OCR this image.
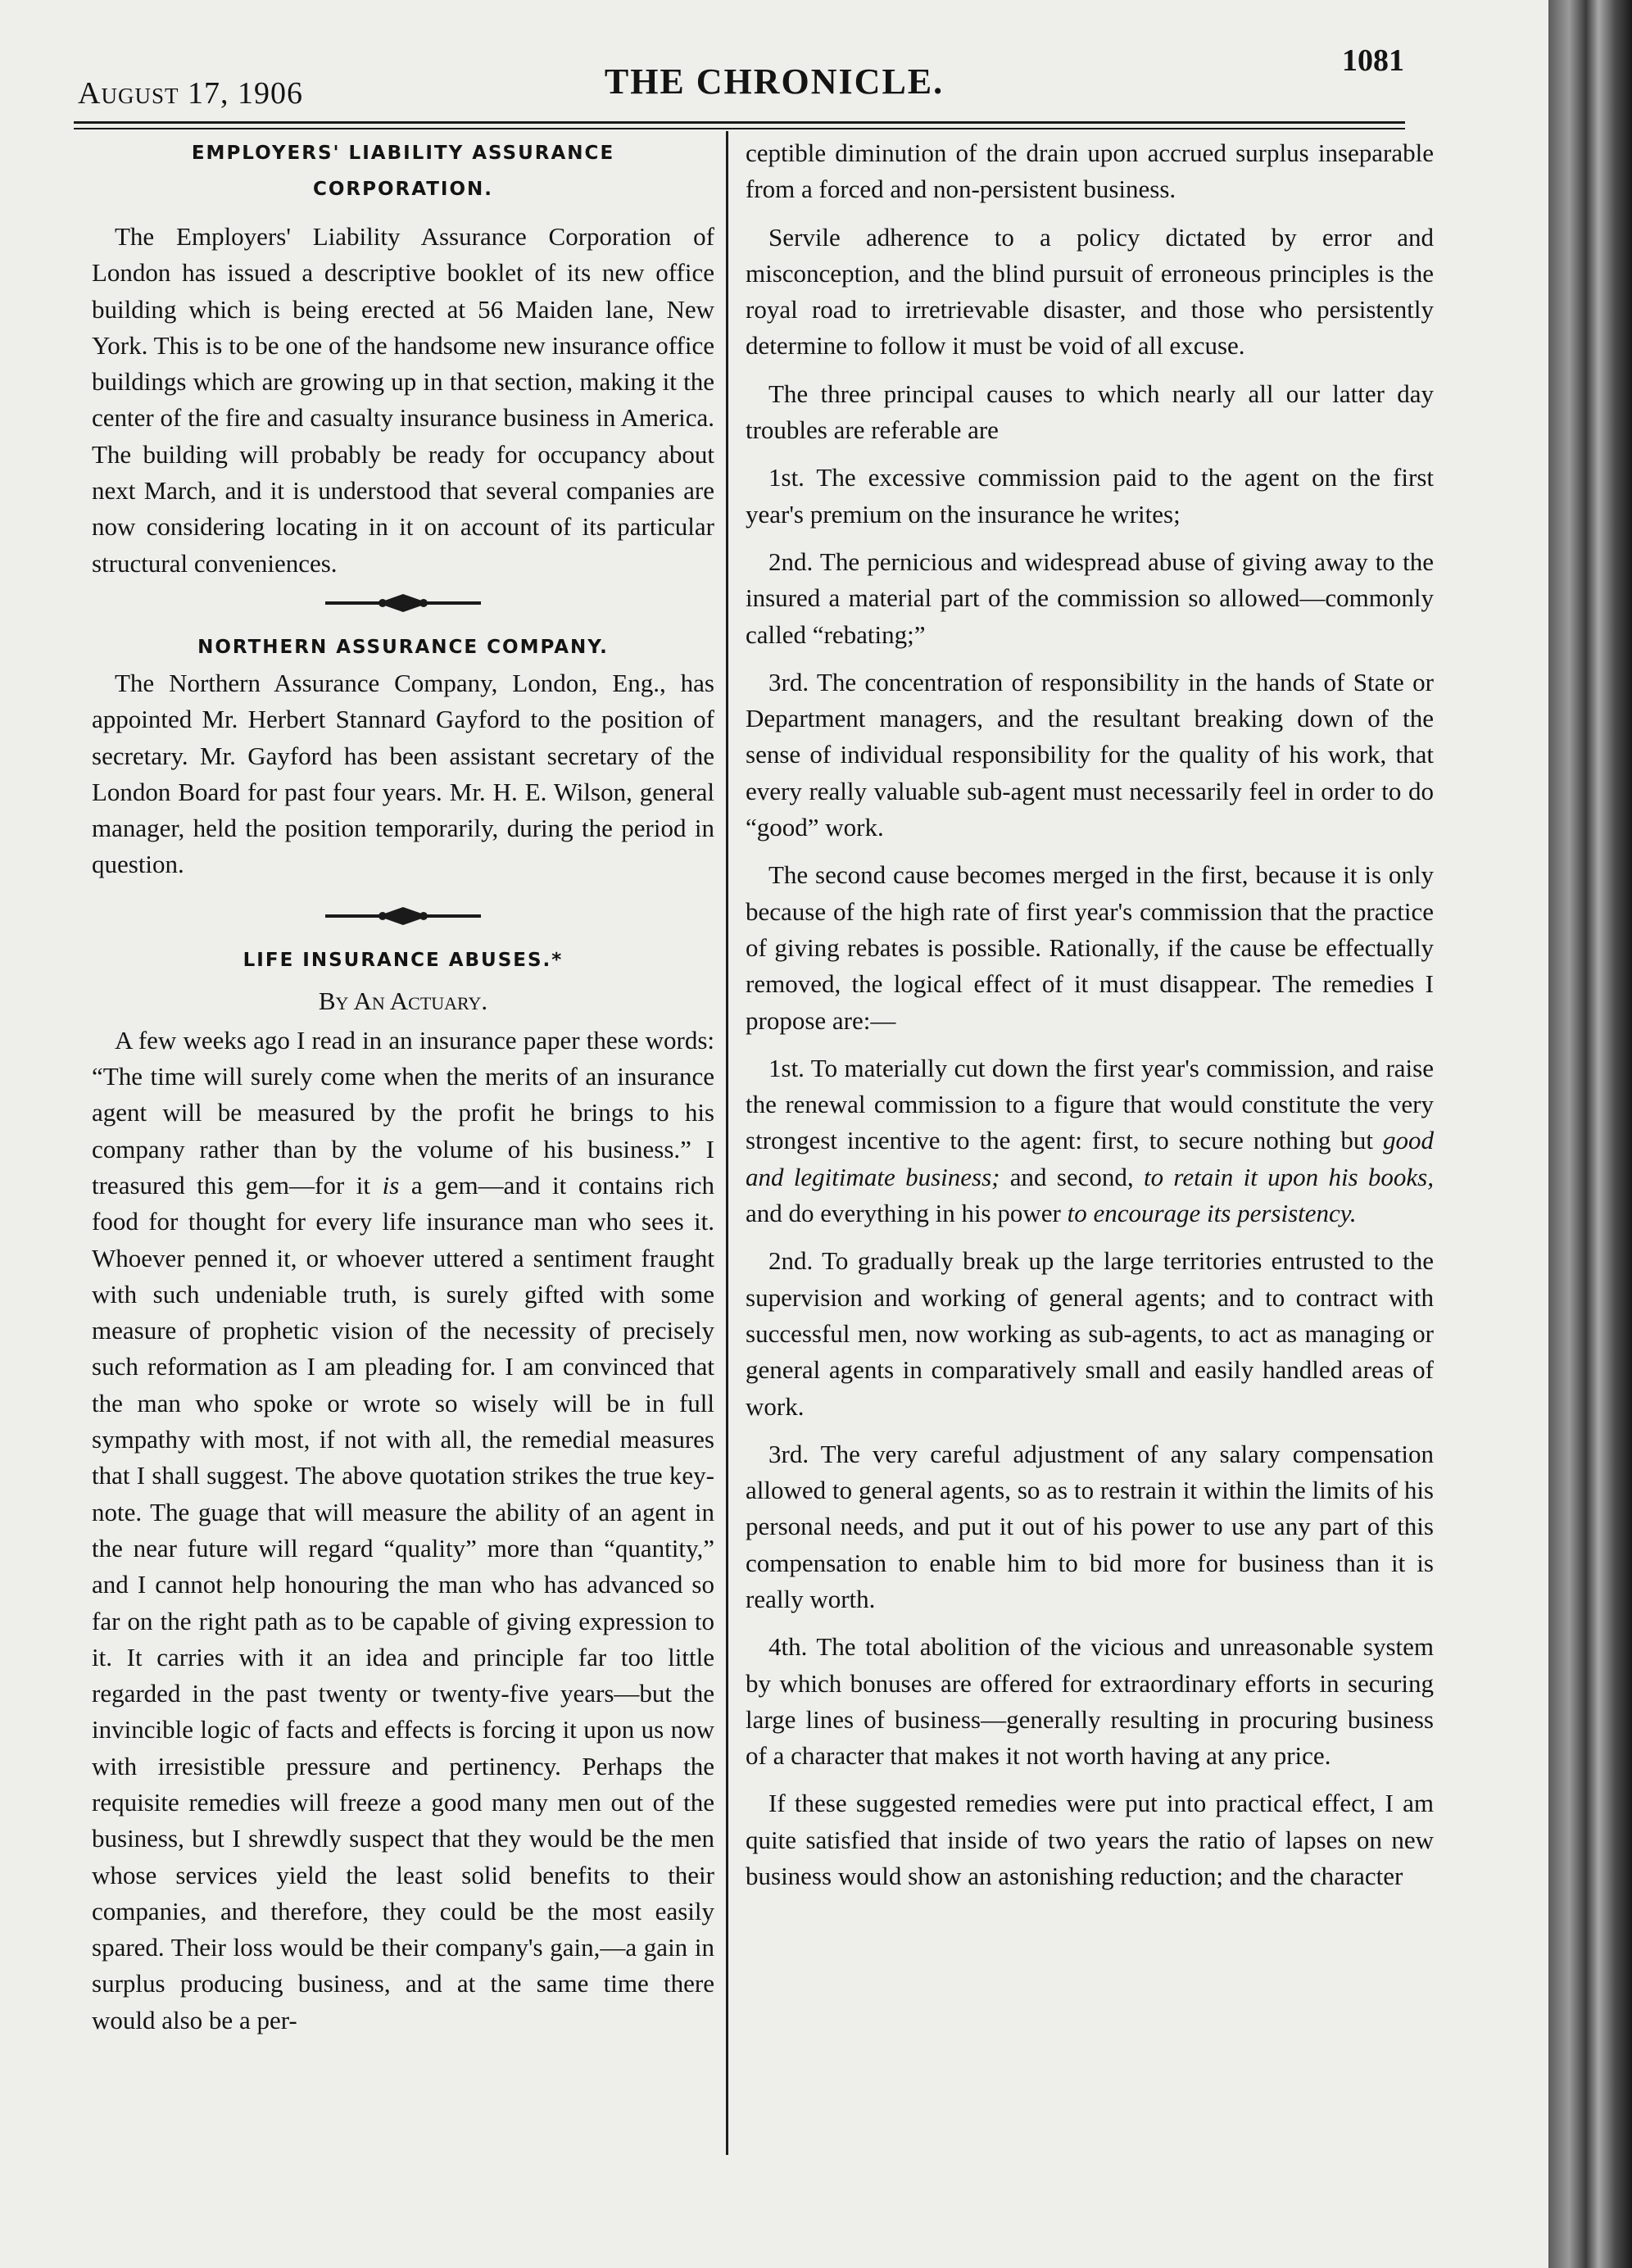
August 17, 1906	THE CHRONICLE.
1081
EMPLOYERS' LIABILITY ASSURANCE
CORPORATION.

The Employers' Liability Assurance Corporation of London has issued a descriptive booklet of its new office building which is being erected at 56 Maiden lane, New York. This is to be one of the handsome new insurance office buildings which are growing up in that section, making it the center of the fire and casualty insurance business in America. The building will probably be ready for occupancy about next March, and it is understood that several companies are now considering locating in it on account of its particular structural conveniences.

NORTHERN ASSURANCE COMPANY.

The Northern Assurance Company, London, Eng., has appointed Mr. Herbert Stannard Gayford to the position of secretary. Mr. Gayford has been assistant secretary of the London Board for past four years. Mr. H. E. Wilson, general manager, held the position temporarily, during the period in question.

LIFE INSURANCE ABUSES.*
By An Actuary.

A few weeks ago I read in an insurance paper these words: “The time will surely come when the merits of an insurance agent will be measured by the profit he brings to his company rather than by the volume of his business.” I treasured this gem—for it is a gem—and it contains rich food for thought for every life insurance man who sees it. Whoever penned it, or whoever uttered a sentiment fraught with such undeniable truth, is surely gifted with some measure of prophetic vision of the necessity of precisely such reformation as I am pleading for. I am convinced that the man who spoke or wrote so wisely will be in full sympathy with most, if not with all, the remedial measures that I shall suggest. The above quotation strikes the true key-note. The guage that will measure the ability of an agent in the near future will regard “quality” more than “quantity,” and I cannot help honouring the man who has advanced so far on the right path as to be capable of giving expression to it. It carries with it an idea and principle far too little regarded in the past twenty or twenty-five years—but the invincible logic of facts and effects is forcing it upon us now with irresistible pressure and pertinency. Perhaps the requisite remedies will freeze a good many men out of the business, but I shrewdly suspect that they would be the men whose services yield the least solid benefits to their companies, and therefore, they could be the most easily spared. Their loss would be their company's gain,—a gain in surplus producing business, and at the same time there would also be a per-

ceptible diminution of the drain upon accrued surplus inseparable from a forced and non-persistent business.

Servile adherence to a policy dictated by error and misconception, and the blind pursuit of erroneous principles is the royal road to irretrievable disaster, and those who persistently determine to follow it must be void of all excuse.

The three principal causes to which nearly all our latter day troubles are referable are

1st. The excessive commission paid to the agent on the first year's premium on the insurance he writes;

2nd. The pernicious and widespread abuse of giving away to the insured a material part of the commission so allowed—commonly called “rebating;”

3rd. The concentration of responsibility in the hands of State or Department managers, and the resultant breaking down of the sense of individual responsibility for the quality of his work, that every really valuable sub-agent must necessarily feel in order to do “good” work.

The second cause becomes merged in the first, because it is only because of the high rate of first year's commission that the practice of giving rebates is possible. Rationally, if the cause be effectually removed, the logical effect of it must disappear. The remedies I propose are:—

1st. To materially cut down the first year's commission, and raise the renewal commission to a figure that would constitute the very strongest incentive to the agent: first, to secure nothing but good and legitimate business; and second, to retain it upon his books, and do everything in his power to encourage its persistency.

2nd. To gradually break up the large territories entrusted to the supervision and working of general agents; and to contract with successful men, now working as sub-agents, to act as managing or general agents in comparatively small and easily handled areas of work.

3rd. The very careful adjustment of any salary compensation allowed to general agents, so as to restrain it within the limits of his personal needs, and put it out of his power to use any part of this compensation to enable him to bid more for business than it is really worth.

4th. The total abolition of the vicious and unreasonable system by which bonuses are offered for extraordinary efforts in securing large lines of business—generally resulting in procuring business of a character that makes it not worth having at any price.

If these suggested remedies were put into practical effect, I am quite satisfied that inside of two years the ratio of lapses on new business would show an astonishing reduction; and the character
